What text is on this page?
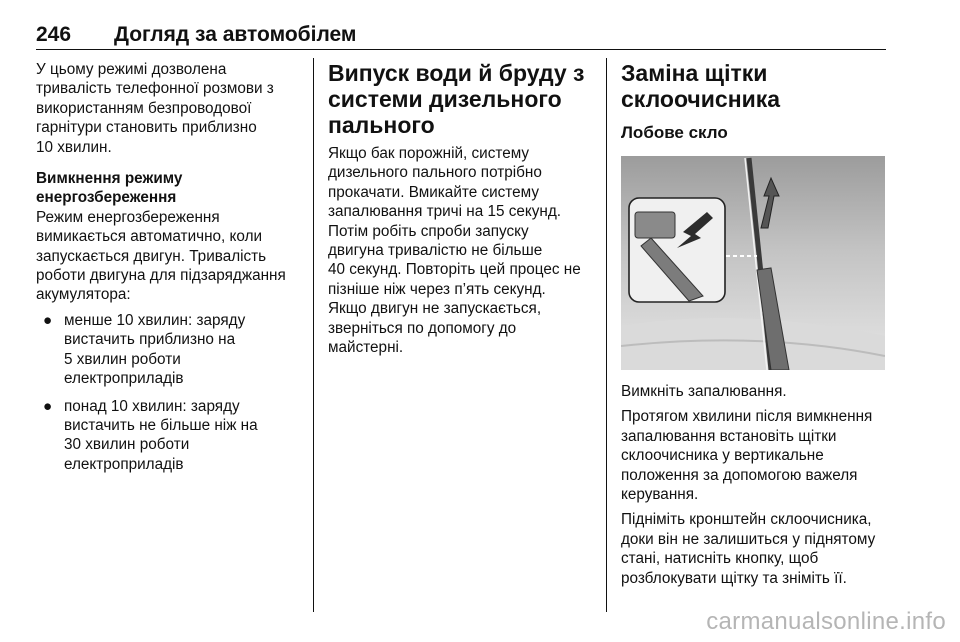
246 Догляд за автомобілем

У цьому режимі дозволена
тривалість телефонної розмови з
використанням безпроводової
гарнітури становить приблизно
10 хвилин.

Вимкнення режиму
енергозбереження

Режим енергозбереження
вимикається автоматично, коли
запускається двигун. Тривалість
роботи двигуна для підзаряджання
акумулятора:

● менше 10 хвилин: заряду
вистачить приблизно на
5 хвилин роботи
електроприладів
● понад 10 хвилин: заряду
вистачить не більше ніж на
30 хвилин роботи
електроприладів
Випуск води й бруду з
системи дизельного
пального

Якщо бак порожній, систему
дизельного пального потрібно
прокачати. Вмикайте систему
запалювання тричі на 15 секунд.
Потім робіть спроби запуску
двигуна тривалістю не більше
40 секунд. Повторіть цей процес не
пізніше ніж через п’ять секунд.
Якщо двигун не запускається,
зверніться по допомогу до
майстерні.

Заміна щітки
склоочисника
Лобове скло

Вимкніть запалювання.

Протягом хвилини після вимкнення
запалювання встановіть щітки
склоочисника у вертикальне
положення за допомогою важеля
керування.

Підніміть кронштейн склоочисника,
доки він не залишиться у піднятому
стані, натисніть кнопку, щоб
розблокувати щітку та зніміть її.

carmanualsonline.info
